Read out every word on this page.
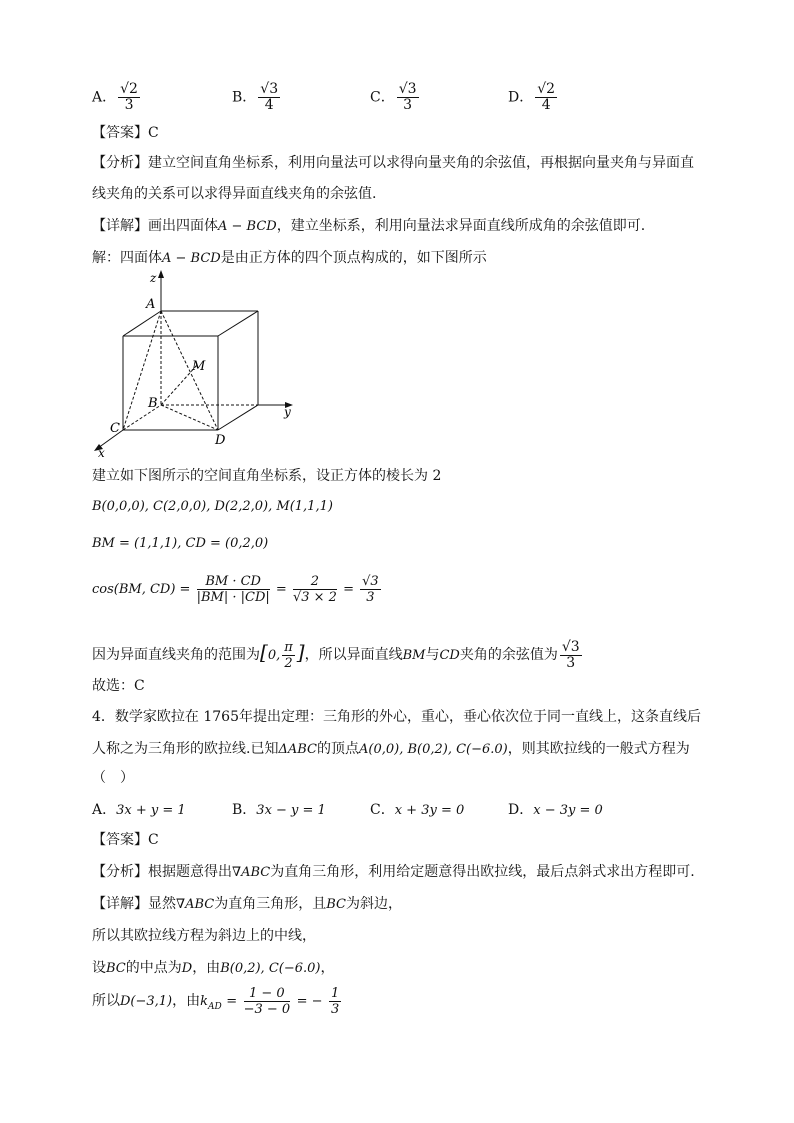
A． $\frac{√2}{3}$	B． $\frac{√3}{4}$	C． $\frac{√3}{3}$	D． $\frac{√2}{4}$
【答案】C
【分析】建立空间直角坐标系，利用向量法可以求得向量夹角的余弦值，再根据向量夹角与异面直
线夹角的关系可以求得异面直线夹角的余弦值.
【详解】画出四面体A − BCD，建立坐标系，利用向量法求异面直线所成角的余弦值即可.
解：四面体A − BCD是由正方体的四个顶点构成的，如下图所示
z
A
M
B
y
C
D
x
建立如下图所示的空间直角坐标系，设正方体的棱长为 2
B(0,0,0), C(2,0,0), D(2,2,0), M(1,1,1)
BM = (1,1,1), CD = (0,2,0)
cos(BM, $CD) = \frac{BM \cdot CD}{|BM| \cdot |CD|} = \frac{2}{√3 \times 2} = \frac{√3}{3}$
因为异面直线夹角的范围为[0, $\frac{\pi}{2}$ ]，所以异面直线BM与CD夹角的余弦值为 $\frac{√3}{3}$
故选：C
4．数学家欧拉在 1765年提出定理：三角形的外心，重心，垂心依次位于同一直线上，这条直线后
人称之为三角形的欧拉线.已知ΔABC的顶点A(0,0), B(0,2), C(−6.0)，则其欧拉线的一般式方程为
（　）
A．3x + y = 1	B．3x − y = 1	C．x + 3y = 0	D．x − 3y = 0
【答案】C
【分析】根据题意得出∇ABC为直角三角形，利用给定题意得出欧拉线，最后点斜式求出方程即可.
【详解】显然∇ABC为直角三角形，且BC为斜边，
所以其欧拉线方程为斜边上的中线，
设BC的中点为D，由B(0,2), C(−6.0)，
所以D(−3,1)，由$k_{AD} = \frac{1 - 0}{-3 - 0}$ = − $\frac{1}{3}$
